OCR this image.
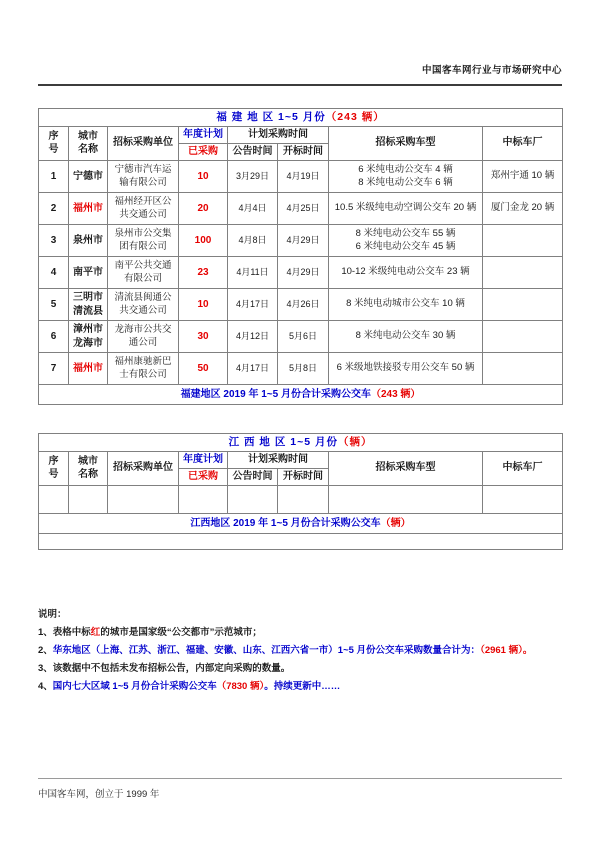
中国客车网行业与市场研究中心
福 建 地 区 1~5 月份（243 辆）							

序
号

城市
名称
	招标采购单位	年度计划	计划采购时间	招标采购车型	中标车厂
			已采购	公告时间	开标时间		
1	宁德市	宁德市汽车运输有限公司	10	3月29日	4月19日	6 米纯电动公交车 4 辆
8 米纯电动公交车 6 辆	郑州宇通 10 辆
2	福州市	福州经开区公共交通公司	20	4月4日	4月25日	10.5 米级纯电动空调公交车 20 辆	厦门金龙 20 辆
3	泉州市	泉州市公交集团有限公司	100	4月8日	4月29日	8 米纯电动公交车 55 辆
6 米纯电动公交车 45 辆	

4	南平市	南平公共交通有限公司	23	4月11日	4月29日	10-12 米级纯电动公交车 23 辆	

5	三明市
清流县	清流县闽通公共交通公司	10	4月17日	4月26日	8 米纯电动城市公交车 10 辆	

6	漳州市
龙海市	龙海市公共交通公司	30	4月12日	5月6日	8 米纯电动公交车 30 辆	

7	福州市	福州康驰新巴士有限公司	50	4月17日	5月8日	6 米级地铁接驳专用公交车 50 辆	

福建地区 2019 年 1~5 月份合计采购公交车（243 辆）							
江 西 地 区 1~5 月份（辆）							

序
号

城市
名称
	招标采购单位	年度计划	计划采购时间	招标采购车型	中标车厂
			已采购	公告时间	开标时间		

江西地区 2019 年 1~5 月份合计采购公交车（辆）							

说明：
1、表格中标红的城市是国家级“公交都市”示范城市；
2、华东地区（上海、江苏、浙江、福建、安徽、山东、江西六省一市）1~5 月份公交车采购数量合计为：（2961 辆）。
3、该数据中不包括未发布招标公告，内部定向采购的数量。
4、国内七大区域 1~5 月份合计采购公交车（7830 辆）。持续更新中……
中国客车网，创立于 1999 年
